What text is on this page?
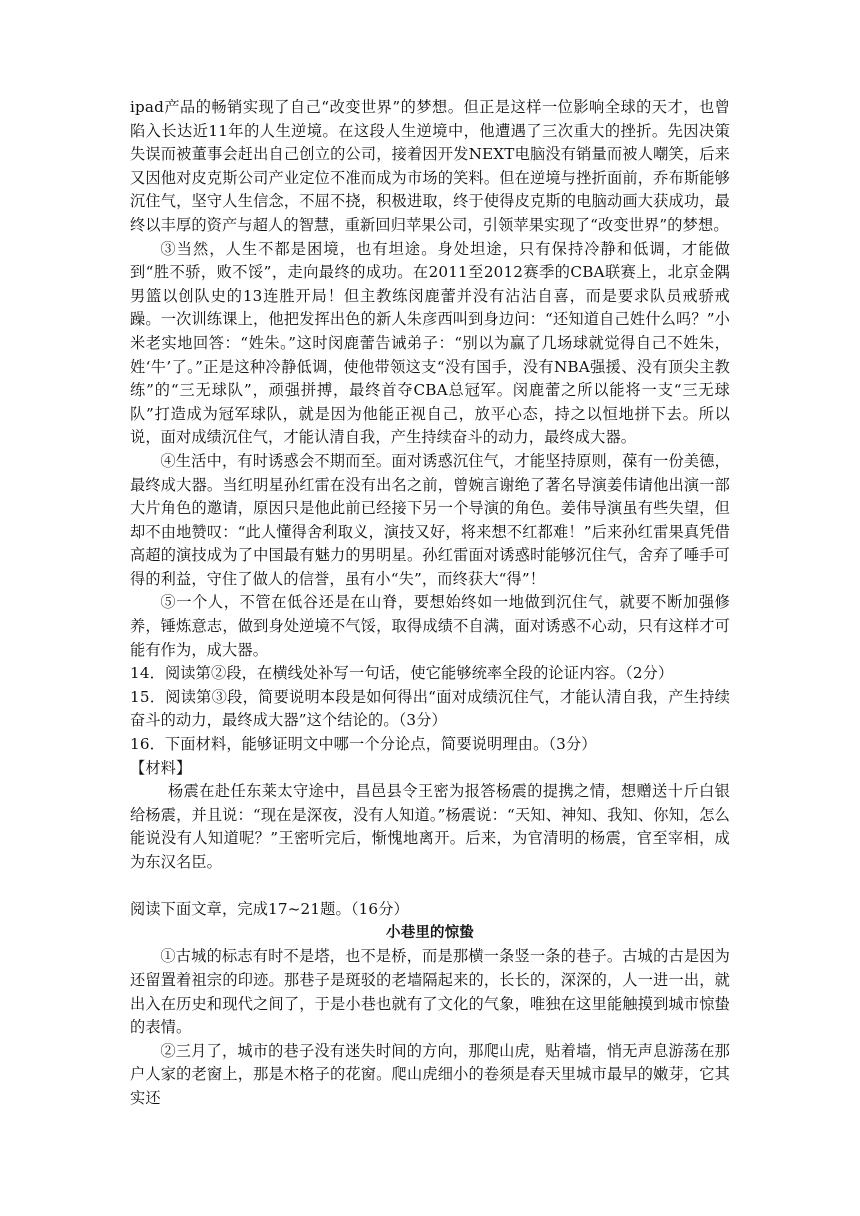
ipad产品的畅销实现了自己“改变世界”的梦想。但正是这样一位影响全球的天才，也曾陷入长达近11年的人生逆境。在这段人生逆境中，他遭遇了三次重大的挫折。先因决策失误而被董事会赶出自己创立的公司，接着因开发NEXT电脑没有销量而被人嘲笑，后来又因他对皮克斯公司产业定位不准而成为市场的笑料。但在逆境与挫折面前，乔布斯能够沉住气，坚守人生信念，不屈不挠，积极进取，终于使得皮克斯的电脑动画大获成功，最终以丰厚的资产与超人的智慧，重新回归苹果公司，引领苹果实现了“改变世界”的梦想。

③当然，人生不都是困境，也有坦途。身处坦途，只有保持冷静和低调，才能做到“胜不骄，败不馁”，走向最终的成功。在2011至2012赛季的CBA联赛上，北京金隅男篮以创队史的13连胜开局！但主教练闵鹿蕾并没有沾沾自喜，而是要求队员戒骄戒躁。一次训练课上，他把发挥出色的新人朱彦西叫到身边问：“还知道自己姓什么吗？”小米老实地回答：“姓朱。”这时闵鹿蕾告诫弟子：“别以为赢了几场球就觉得自己不姓朱，姓‘牛’了。”正是这种冷静低调，使他带领这支“没有国手，没有NBA强援、没有顶尖主教练”的“三无球队”，顽强拼搏，最终首夺CBA总冠军。闵鹿蕾之所以能将一支“三无球队”打造成为冠军球队，就是因为他能正视自己，放平心态，持之以恒地拼下去。所以说，面对成绩沉住气，才能认清自我，产生持续奋斗的动力，最终成大器。

④生活中，有时诱惑会不期而至。面对诱惑沉住气，才能坚持原则，葆有一份美德，最终成大器。当红明星孙红雷在没有出名之前，曾婉言谢绝了著名导演姜伟请他出演一部大片角色的邀请，原因只是他此前已经接下另一个导演的角色。姜伟导演虽有些失望，但却不由地赞叹：“此人懂得舍利取义，演技又好，将来想不红都难！”后来孙红雷果真凭借高超的演技成为了中国最有魅力的男明星。孙红雷面对诱惑时能够沉住气，舍弃了唾手可得的利益，守住了做人的信誉，虽有小“失”，而终获大“得”！

⑤一个人，不管在低谷还是在山脊，要想始终如一地做到沉住气，就要不断加强修养，锤炼意志，做到身处逆境不气馁，取得成绩不自满，面对诱惑不心动，只有这样才可能有作为，成大器。

14．阅读第②段，在横线处补写一句话，使它能够统率全段的论证内容。（2分）

15．阅读第③段，简要说明本段是如何得出“面对成绩沉住气，才能认清自我，产生持续奋斗的动力，最终成大器”这个结论的。（3分）

16．下面材料，能够证明文中哪一个分论点，简要说明理由。（3分）

【材料】

杨震在赴任东莱太守途中，昌邑县令王密为报答杨震的提携之情，想赠送十斤白银给杨震，并且说：“现在是深夜，没有人知道。”杨震说：“天知、神知、我知、你知，怎么能说没有人知道呢？”王密听完后，惭愧地离开。后来，为官清明的杨震，官至宰相，成为东汉名臣。

阅读下面文章，完成17~21题。（16分）

小巷里的惊蛰

①古城的标志有时不是塔，也不是桥，而是那横一条竖一条的巷子。古城的古是因为还留置着祖宗的印迹。那巷子是斑驳的老墙隔起来的，长长的，深深的，人一进一出，就出入在历史和现代之间了，于是小巷也就有了文化的气象，唯独在这里能触摸到城市惊蛰的表情。

②三月了，城市的巷子没有迷失时间的方向，那爬山虎，贴着墙，悄无声息游荡在那户人家的老窗上，那是木格子的花窗。爬山虎细小的卷须是春天里城市最早的嫩芽，它其实还
